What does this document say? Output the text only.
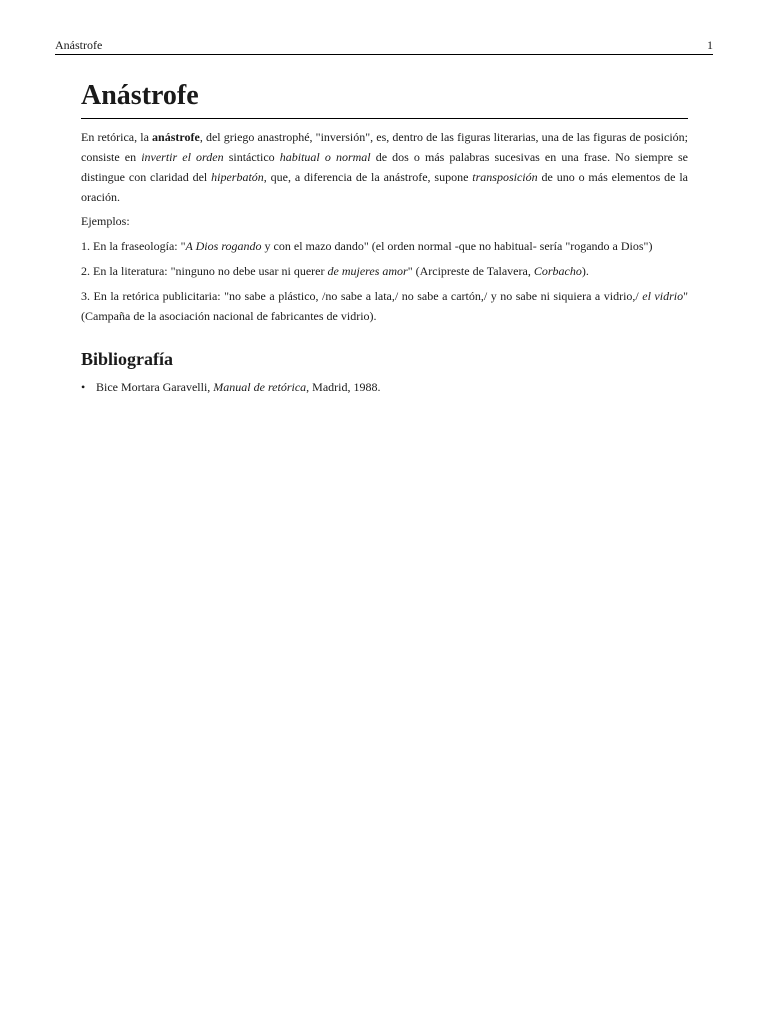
Anástrofe	1
Anástrofe

En retórica, la anástrofe, del griego anastrophé, "inversión", es, dentro de las figuras literarias, una de las figuras de posición; consiste en invertir el orden sintáctico habitual o normal de dos o más palabras sucesivas en una frase. No siempre se distingue con claridad del hiperbatón, que, a diferencia de la anástrofe, supone transposición de uno o más elementos de la oración.

Ejemplos:

1. En la fraseología: "A Dios rogando y con el mazo dando" (el orden normal -que no habitual- sería "rogando a Dios")

2. En la literatura: "ninguno no debe usar ni querer de mujeres amor" (Arcipreste de Talavera, Corbacho).

3. En la retórica publicitaria: "no sabe a plástico, /no sabe a lata,/ no sabe a cartón,/ y no sabe ni siquiera a vidrio,/ el vidrio" (Campaña de la asociación nacional de fabricantes de vidrio).

Bibliografía
• Bice Mortara Garavelli, Manual de retórica, Madrid, 1988.
